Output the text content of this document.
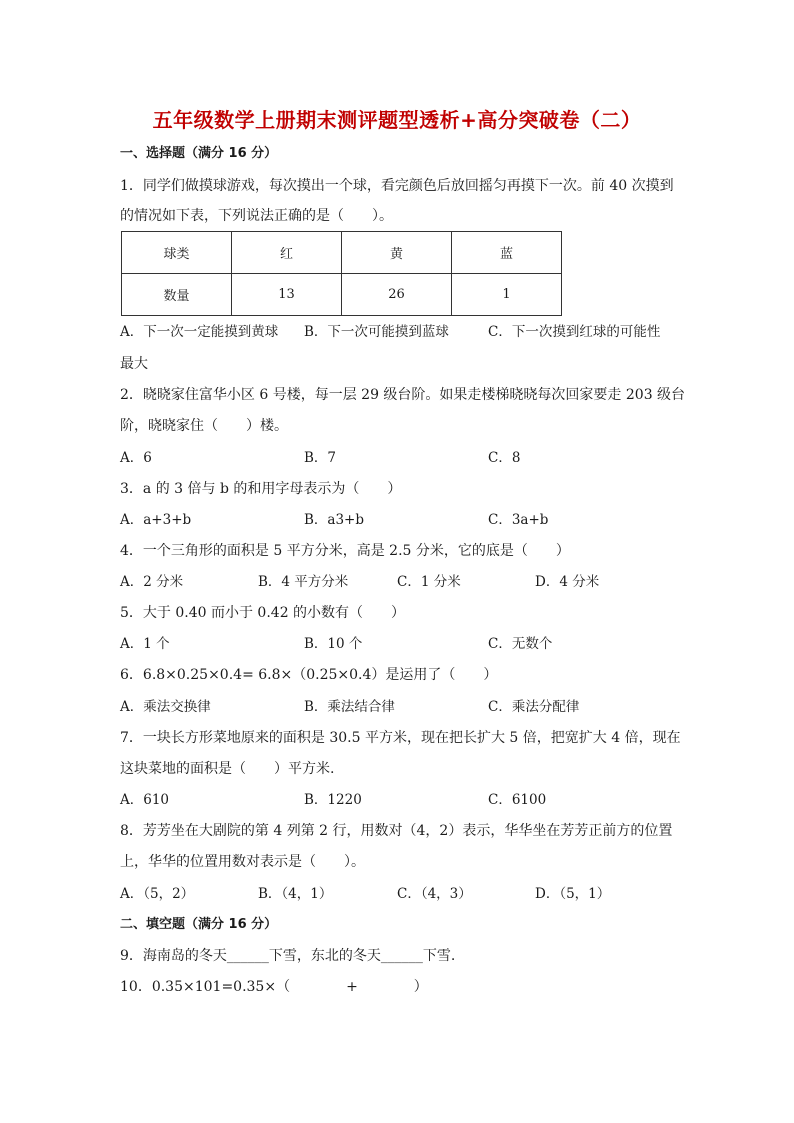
五年级数学上册期末测评题型透析+高分突破卷（二）
一、选择题（满分 16 分）
1．同学们做摸球游戏，每次摸出一个球，看完颜色后放回摇匀再摸下一次。前 40 次摸到
的情况如下表，下列说法正确的是（　　）。
球类	红	黄	蓝
数量	13	26	1
A．下一次一定能摸到黄球 B．下一次可能摸到蓝球	C．下一次摸到红球的可能性
最大
2．晓晓家住富华小区 6 号楼，每一层 29 级台阶。如果走楼梯晓晓每次回家要走 203 级台
阶，晓晓家住（　　）楼。
A．6	B．7	C．8
3．a 的 3 倍与 b 的和用字母表示为（　　）
A．a+3+b	B．a3+b	C．3a+b
4．一个三角形的面积是 5 平方分米，高是 2.5 分米，它的底是（　　）
A．2 分米	B．4 平方分米	C．1 分米	D．4 分米
5．大于 0.40 而小于 0.42 的小数有（　　）
A．1 个	B．10 个	C．无数个
6．6.8×0.25×0.4= 6.8×（0.25×0.4）是运用了（　　）
A．乘法交换律	B．乘法结合律	C．乘法分配律
7．一块长方形菜地原来的面积是 30.5 平方米，现在把长扩大 5 倍，把宽扩大 4 倍，现在
这块菜地的面积是（　　）平方米.
A．610	B．1220	C．6100
8．芳芳坐在大剧院的第 4 列第 2 行，用数对（4，2）表示，华华坐在芳芳正前方的位置
上，华华的位置用数对表示是（　　）。
A．（5，2）	B．（4，1）	C．（4，3）	D．（5，1）
二、填空题（满分 16 分）
9．海南岛的冬天______下雪，东北的冬天______下雪.
10．0.35×101=0.35×（　　　　+　　　　）
